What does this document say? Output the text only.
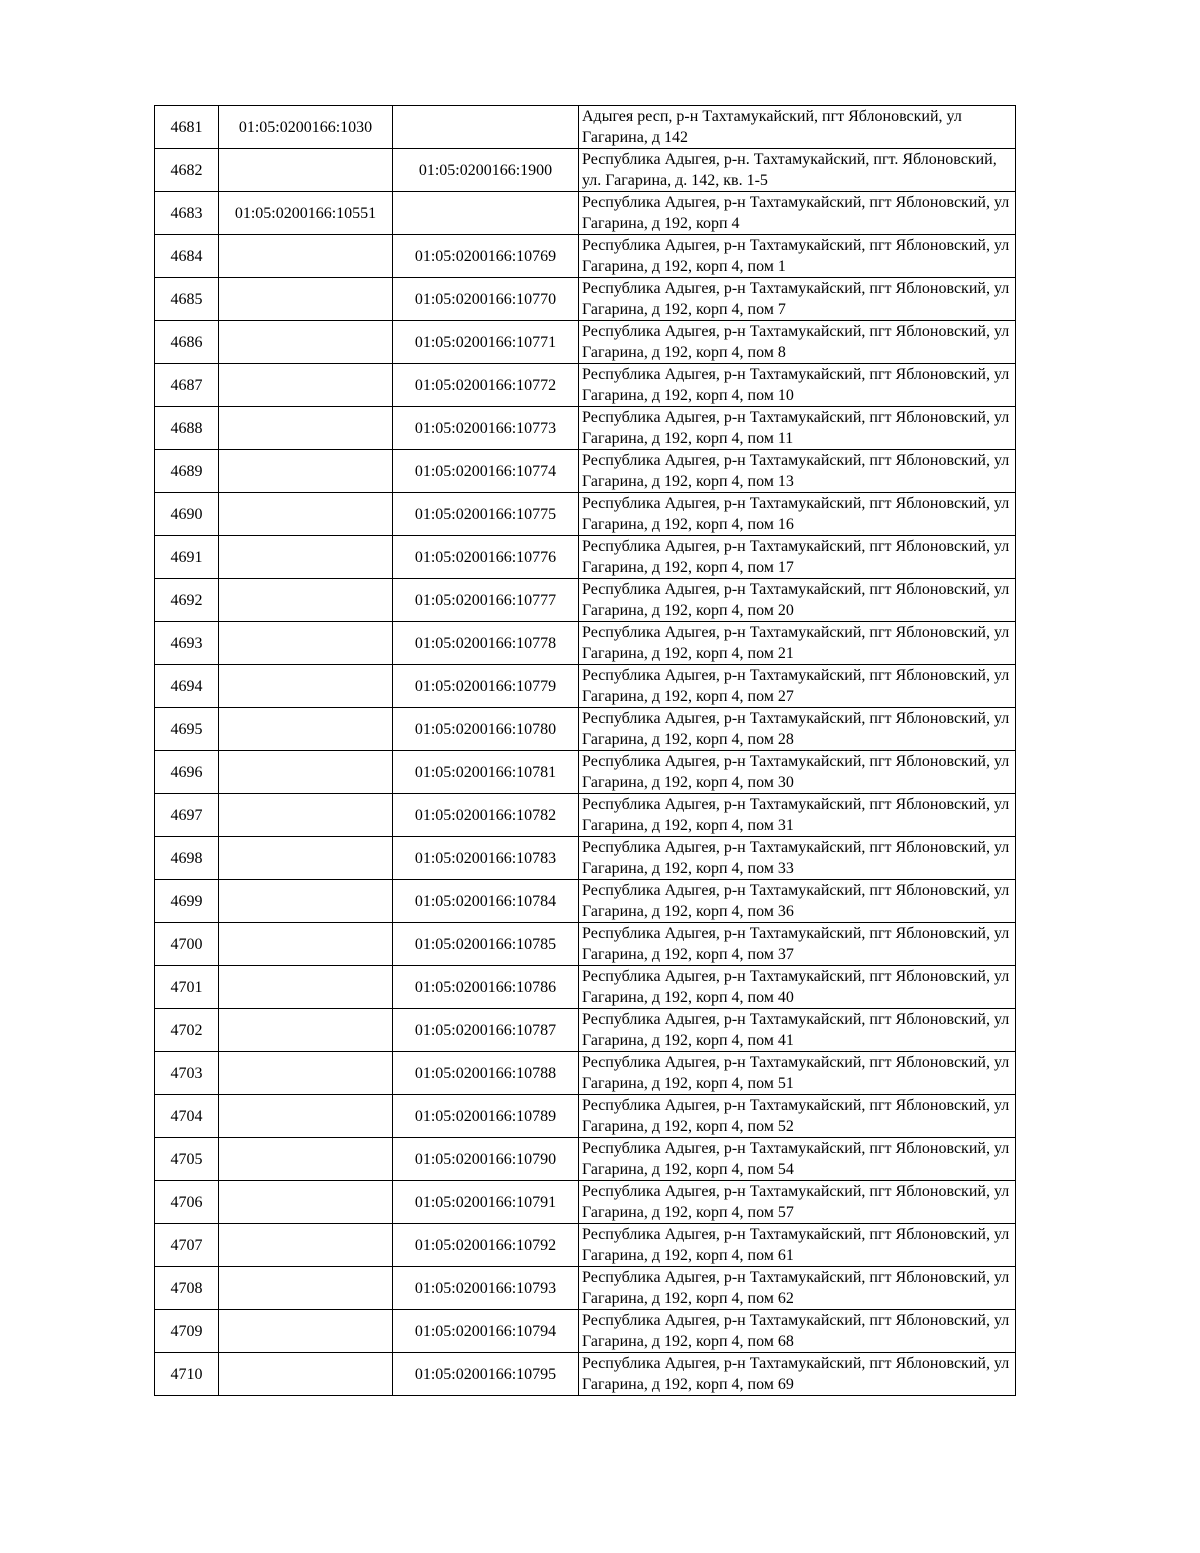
4681	01:05:0200166:1030		Адыгея респ, р-н Тахтамукайский, пгт Яблоновский, ул Гагарина, д 142
4682		01:05:0200166:1900	Республика Адыгея, р-н. Тахтамукайский, пгт. Яблоновский, ул. Гагарина, д. 142, кв. 1-5
4683	01:05:0200166:10551		Республика Адыгея, р-н Тахтамукайский, пгт Яблоновский, ул Гагарина, д 192, корп 4
4684		01:05:0200166:10769	Республика Адыгея, р-н Тахтамукайский, пгт Яблоновский, ул Гагарина, д 192, корп 4, пом 1
4685		01:05:0200166:10770	Республика Адыгея, р-н Тахтамукайский, пгт Яблоновский, ул Гагарина, д 192, корп 4, пом 7
4686		01:05:0200166:10771	Республика Адыгея, р-н Тахтамукайский, пгт Яблоновский, ул Гагарина, д 192, корп 4, пом 8
4687		01:05:0200166:10772	Республика Адыгея, р-н Тахтамукайский, пгт Яблоновский, ул Гагарина, д 192, корп 4, пом 10
4688		01:05:0200166:10773	Республика Адыгея, р-н Тахтамукайский, пгт Яблоновский, ул Гагарина, д 192, корп 4, пом 11
4689		01:05:0200166:10774	Республика Адыгея, р-н Тахтамукайский, пгт Яблоновский, ул Гагарина, д 192, корп 4, пом 13
4690		01:05:0200166:10775	Республика Адыгея, р-н Тахтамукайский, пгт Яблоновский, ул Гагарина, д 192, корп 4, пом 16
4691		01:05:0200166:10776	Республика Адыгея, р-н Тахтамукайский, пгт Яблоновский, ул Гагарина, д 192, корп 4, пом 17
4692		01:05:0200166:10777	Республика Адыгея, р-н Тахтамукайский, пгт Яблоновский, ул Гагарина, д 192, корп 4, пом 20
4693		01:05:0200166:10778	Республика Адыгея, р-н Тахтамукайский, пгт Яблоновский, ул Гагарина, д 192, корп 4, пом 21
4694		01:05:0200166:10779	Республика Адыгея, р-н Тахтамукайский, пгт Яблоновский, ул Гагарина, д 192, корп 4, пом 27
4695		01:05:0200166:10780	Республика Адыгея, р-н Тахтамукайский, пгт Яблоновский, ул Гагарина, д 192, корп 4, пом 28
4696		01:05:0200166:10781	Республика Адыгея, р-н Тахтамукайский, пгт Яблоновский, ул Гагарина, д 192, корп 4, пом 30
4697		01:05:0200166:10782	Республика Адыгея, р-н Тахтамукайский, пгт Яблоновский, ул Гагарина, д 192, корп 4, пом 31
4698		01:05:0200166:10783	Республика Адыгея, р-н Тахтамукайский, пгт Яблоновский, ул Гагарина, д 192, корп 4, пом 33
4699		01:05:0200166:10784	Республика Адыгея, р-н Тахтамукайский, пгт Яблоновский, ул Гагарина, д 192, корп 4, пом 36
4700		01:05:0200166:10785	Республика Адыгея, р-н Тахтамукайский, пгт Яблоновский, ул Гагарина, д 192, корп 4, пом 37
4701		01:05:0200166:10786	Республика Адыгея, р-н Тахтамукайский, пгт Яблоновский, ул Гагарина, д 192, корп 4, пом 40
4702		01:05:0200166:10787	Республика Адыгея, р-н Тахтамукайский, пгт Яблоновский, ул Гагарина, д 192, корп 4, пом 41
4703		01:05:0200166:10788	Республика Адыгея, р-н Тахтамукайский, пгт Яблоновский, ул Гагарина, д 192, корп 4, пом 51
4704		01:05:0200166:10789	Республика Адыгея, р-н Тахтамукайский, пгт Яблоновский, ул Гагарина, д 192, корп 4, пом 52
4705		01:05:0200166:10790	Республика Адыгея, р-н Тахтамукайский, пгт Яблоновский, ул Гагарина, д 192, корп 4, пом 54
4706		01:05:0200166:10791	Республика Адыгея, р-н Тахтамукайский, пгт Яблоновский, ул Гагарина, д 192, корп 4, пом 57
4707		01:05:0200166:10792	Республика Адыгея, р-н Тахтамукайский, пгт Яблоновский, ул Гагарина, д 192, корп 4, пом 61
4708		01:05:0200166:10793	Республика Адыгея, р-н Тахтамукайский, пгт Яблоновский, ул Гагарина, д 192, корп 4, пом 62
4709		01:05:0200166:10794	Республика Адыгея, р-н Тахтамукайский, пгт Яблоновский, ул Гагарина, д 192, корп 4, пом 68
4710		01:05:0200166:10795	Республика Адыгея, р-н Тахтамукайский, пгт Яблоновский, ул Гагарина, д 192, корп 4, пом 69
